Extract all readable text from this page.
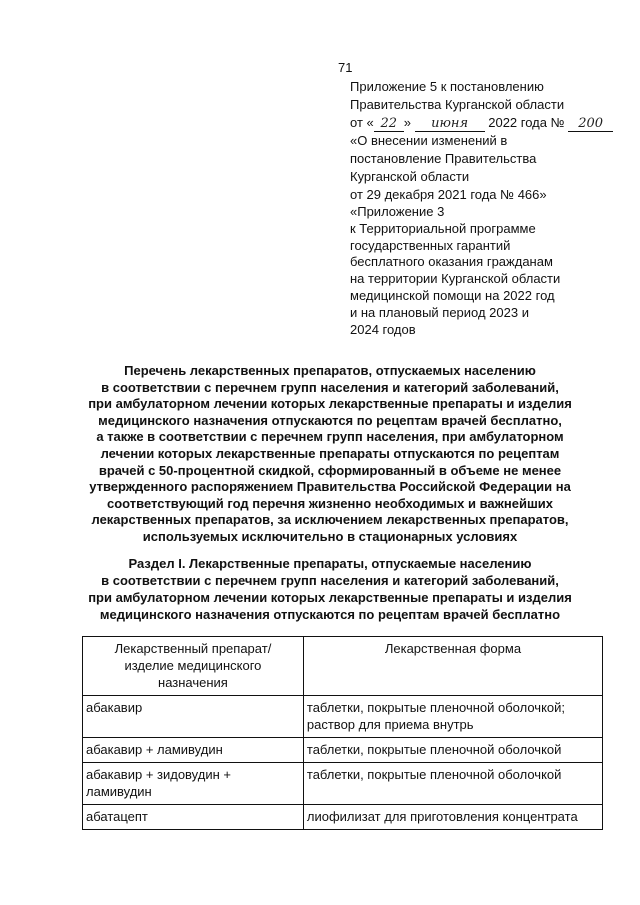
71
Приложение 5 к постановлению
Правительства Курганской области
от « 22 » июня 2022 года № 200
«О внесении изменений в
постановление Правительства
Курганской области
от 29 декабря 2021 года № 466»
«Приложение 3
к Территориальной программе
государственных гарантий
бесплатного оказания гражданам
на территории Курганской области
медицинской помощи на 2022 год
и на плановый период 2023 и
2024 годов
Перечень лекарственных препаратов, отпускаемых населению
в соответствии с перечнем групп населения и категорий заболеваний,
при амбулаторном лечении которых лекарственные препараты и изделия
медицинского назначения отпускаются по рецептам врачей бесплатно,
а также в соответствии с перечнем групп населения, при амбулаторном
лечении которых лекарственные препараты отпускаются по рецептам
врачей с 50-процентной скидкой, сформированный в объеме не менее
утвержденного распоряжением Правительства Российской Федерации на
соответствующий год перечня жизненно необходимых и важнейших
лекарственных препаратов, за исключением лекарственных препаратов,
используемых исключительно в стационарных условиях
Раздел I. Лекарственные препараты, отпускаемые населению
в соответствии с перечнем групп населения и категорий заболеваний,
при амбулаторном лечении которых лекарственные препараты и изделия
медицинского назначения отпускаются по рецептам врачей бесплатно
Лекарственный препарат/
изделие медицинского
назначения	Лекарственная форма

абакавир	таблетки, покрытые пленочной оболочкой;
раствор для приема внутрь

абакавир + ламивудин	таблетки, покрытые пленочной оболочкой

абакавир + зидовудин +
ламивудин	таблетки, покрытые пленочной оболочкой

абатацепт	лиофилизат для приготовления концентрата
